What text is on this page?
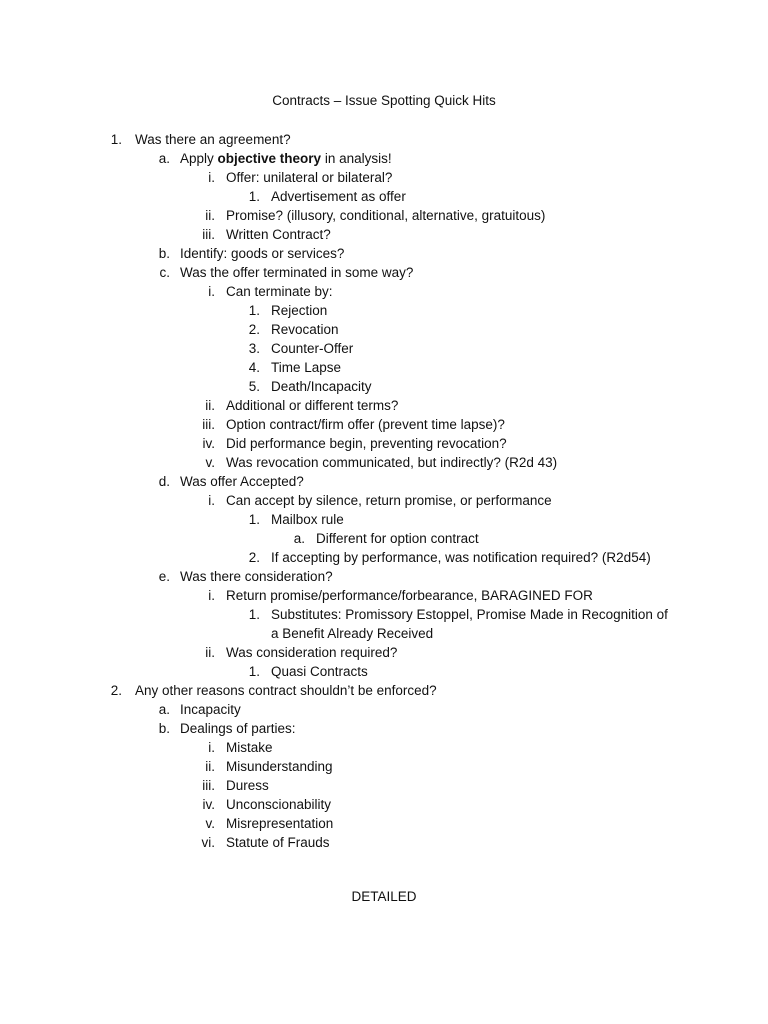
Contracts – Issue Spotting Quick Hits
1. Was there an agreement?
a. Apply objective theory in analysis!
i. Offer: unilateral or bilateral?
1. Advertisement as offer
ii. Promise? (illusory, conditional, alternative, gratuitous)
iii. Written Contract?
b. Identify: goods or services?
c. Was the offer terminated in some way?
i. Can terminate by:
1. Rejection
2. Revocation
3. Counter-Offer
4. Time Lapse
5. Death/Incapacity
ii. Additional or different terms?
iii. Option contract/firm offer (prevent time lapse)?
iv. Did performance begin, preventing revocation?
v. Was revocation communicated, but indirectly? (R2d 43)
d. Was offer Accepted?
i. Can accept by silence, return promise, or performance
1. Mailbox rule
a. Different for option contract
2. If accepting by performance, was notification required? (R2d54)
e. Was there consideration?
i. Return promise/performance/forbearance, BARAGINED FOR
1. Substitutes: Promissory Estoppel, Promise Made in Recognition of
a Benefit Already Received
ii. Was consideration required?
1. Quasi Contracts
2. Any other reasons contract shouldn’t be enforced?
a. Incapacity
b. Dealings of parties:
i. Mistake
ii. Misunderstanding
iii. Duress
iv. Unconscionability
v. Misrepresentation
vi. Statute of Frauds
DETAILED
